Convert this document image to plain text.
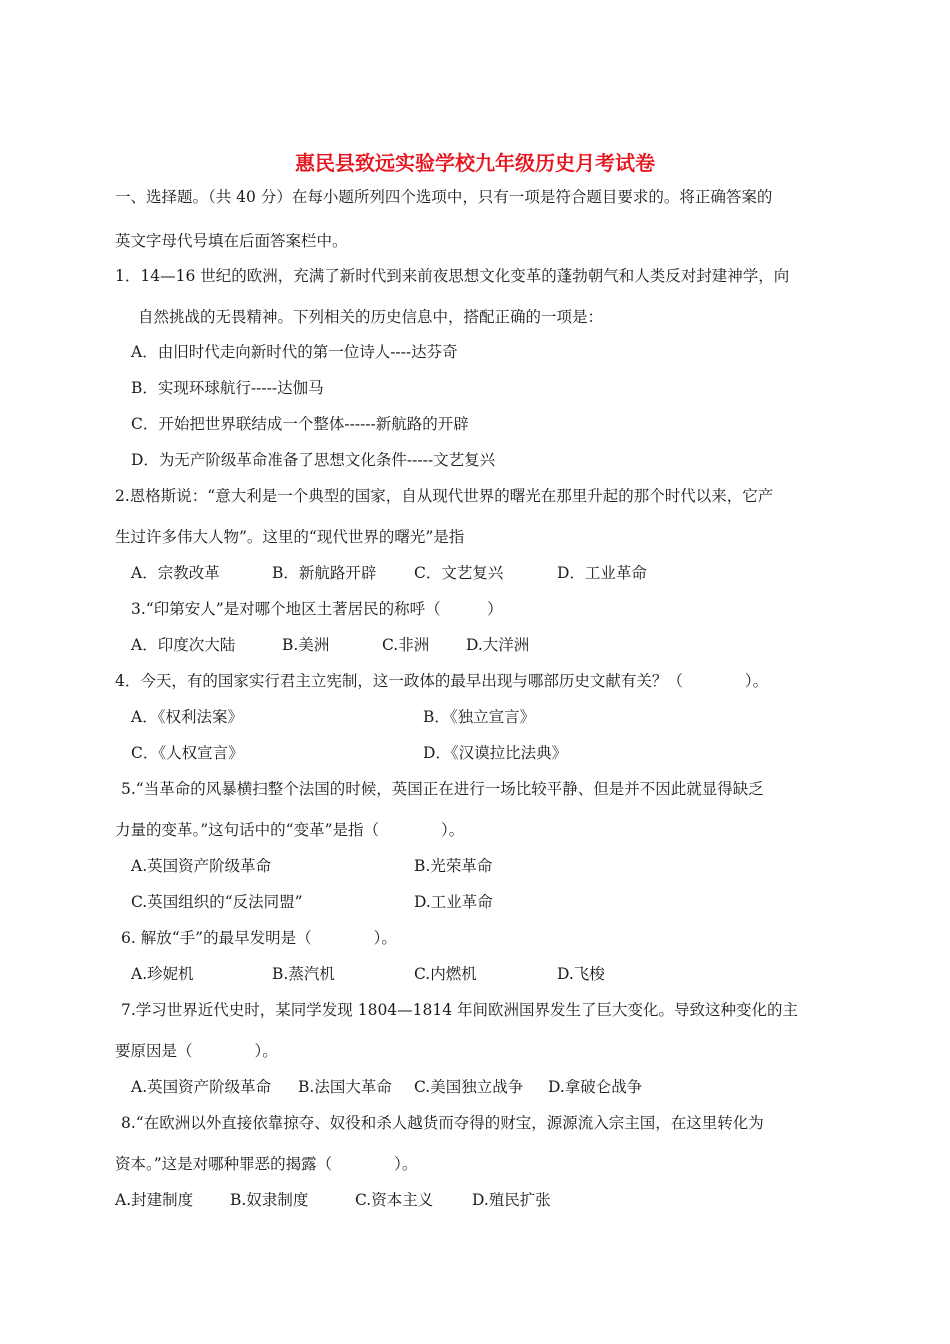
惠民县致远实验学校九年级历史月考试卷
一、选择题。（共 40 分）在每小题所列四个选项中，只有一项是符合题目要求的。将正确答案的
英文字母代号填在后面答案栏中。
1．14—16 世纪的欧洲，充满了新时代到来前夜思想文化变革的蓬勃朝气和人类反对封建神学，向
自然挑战的无畏精神。下列相关的历史信息中，搭配正确的一项是：
A．由旧时代走向新时代的第一位诗人----达芬奇
B．实现环球航行-----达伽马
C．开始把世界联结成一个整体------新航路的开辟
D．为无产阶级革命准备了思想文化条件-----文艺复兴
2.恩格斯说：“意大利是一个典型的国家，自从现代世界的曙光在那里升起的那个时代以来，它产
生过许多伟大人物”。这里的“现代世界的曙光”是指
A．宗教改革	B．新航路开辟 C．文艺复兴	D．工业革命
3.“印第安人”是对哪个地区土著居民的称呼（　　　）
A．印度次大陆	B.美洲	C.非洲 D.大洋洲
4．今天，有的国家实行君主立宪制，这一政体的最早出现与哪部历史文献有关？（　　　　）。
A．《权利法案》	B．《独立宣言》
C．《人权宣言》	D．《汉谟拉比法典》
5.“当革命的风暴横扫整个法国的时候，英国正在进行一场比较平静、但是并不因此就显得缺乏
力量的变革。”这句话中的“变革”是指（　　　　）。
A.英国资产阶级革命	B.光荣革命
C.英国组织的“反法同盟”	D.工业革命
6. 解放“手”的最早发明是（　　　　）。
A.珍妮机	B.蒸汽机	C.内燃机	D.飞梭
7.学习世界近代史时，某同学发现 1804—1814 年间欧洲国界发生了巨大变化。导致这种变化的主
要原因是（　　　　）。
A.英国资产阶级革命 B.法国大革命 C.美国独立战争 D.拿破仑战争
8.“在欧洲以外直接依靠掠夺、奴役和杀人越货而夺得的财宝，源源流入宗主国，在这里转化为
资本。”这是对哪种罪恶的揭露（　　　　）。
A.封建制度 B.奴隶制度	C.资本主义	D.殖民扩张
